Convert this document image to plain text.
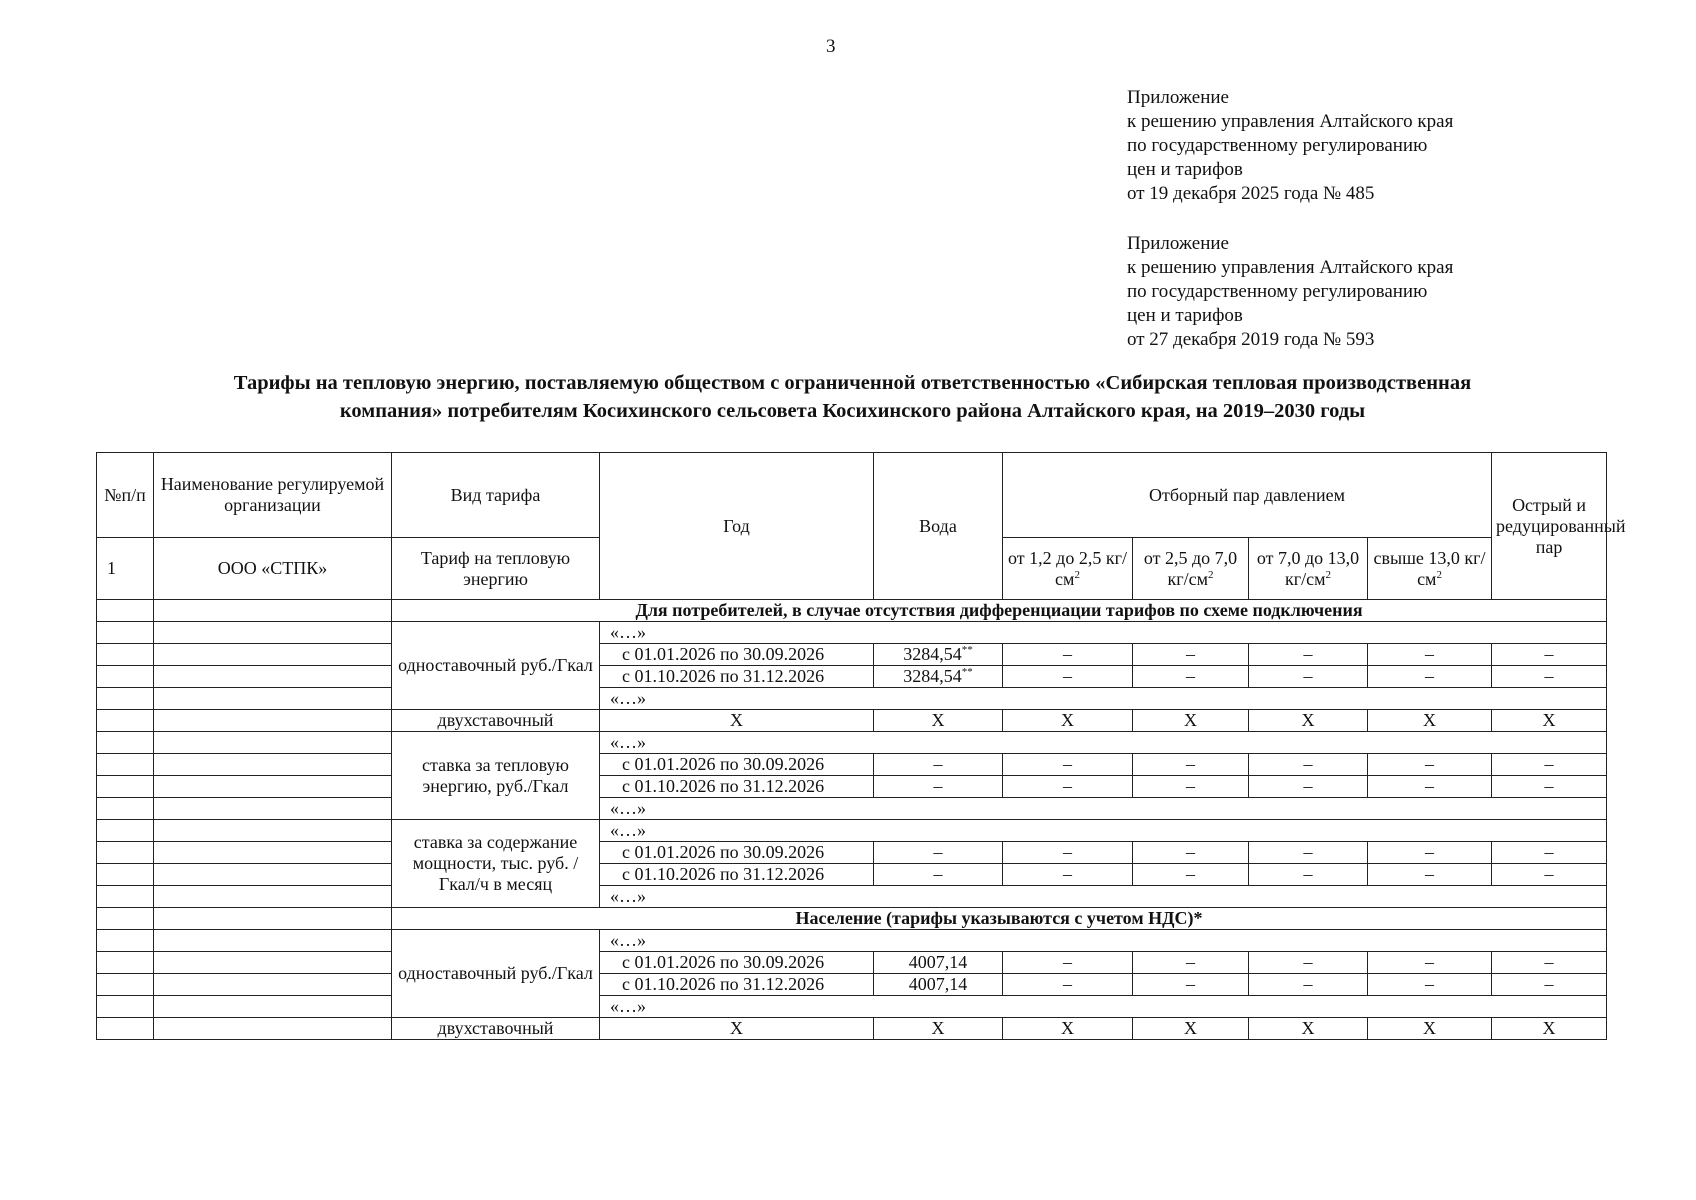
3
Приложение
к решению управления Алтайского края
по государственному регулированию
цен и тарифов
от 19 декабря 2025 года № 485
Приложение
к решению управления Алтайского края
по государственному регулированию
цен и тарифов
от 27 декабря 2019 года № 593
Тарифы на тепловую энергию, поставляемую обществом с ограниченной ответственностью «Сибирская тепловая производственная
компания» потребителям Косихинского сельсовета Косихинского района Алтайского края, на 2019–2030 годы
№п/п	Наименование регулируемой организации	Вид тарифа	Год	Вода	Отборный пар давлением				Острый и редуцированный пар
1	ООО «СТПК»	Тариф на тепловую энергию			от 1,2 до 2,5 $кг/см^2$	от 2,5 до 7,0 $кг/см^2$	от 7,0 до 13,0 $кг/см^2$	свыше 13,0 $кг/см^2$
		Для потребителей, в случае отсутствия дифференциации тарифов по схеме подключения							
		одноставочный руб./Гкал	«…»						
			с 01.01.2026 по 30.09.2026	3284,54**	–	–	–	–	–
			с 01.10.2026 по 31.12.2026	3284,54**	–	–	–	–	–
			«…»						
		двухставочный	X	X	X	X	X	X	X
		ставка за тепловую энергию, руб./Гкал	«…»						
			с 01.01.2026 по 30.09.2026	–	–	–	–	–	–
			с 01.10.2026 по 31.12.2026	–	–	–	–	–	–
			«…»						
		ставка за содержание мощности, тыс. руб. /Гкал/ч в месяц	«…»						
			с 01.01.2026 по 30.09.2026	–	–	–	–	–	–
			с 01.10.2026 по 31.12.2026	–	–	–	–	–	–
			«…»						
		Население (тарифы указываются с учетом НДС)*							
		одноставочный руб./Гкал	«…»						
			с 01.01.2026 по 30.09.2026	4007,14	–	–	–	–	–
			с 01.10.2026 по 31.12.2026	4007,14	–	–	–	–	–
			«…»						
		двухставочный	X	X	X	X	X	X	X
